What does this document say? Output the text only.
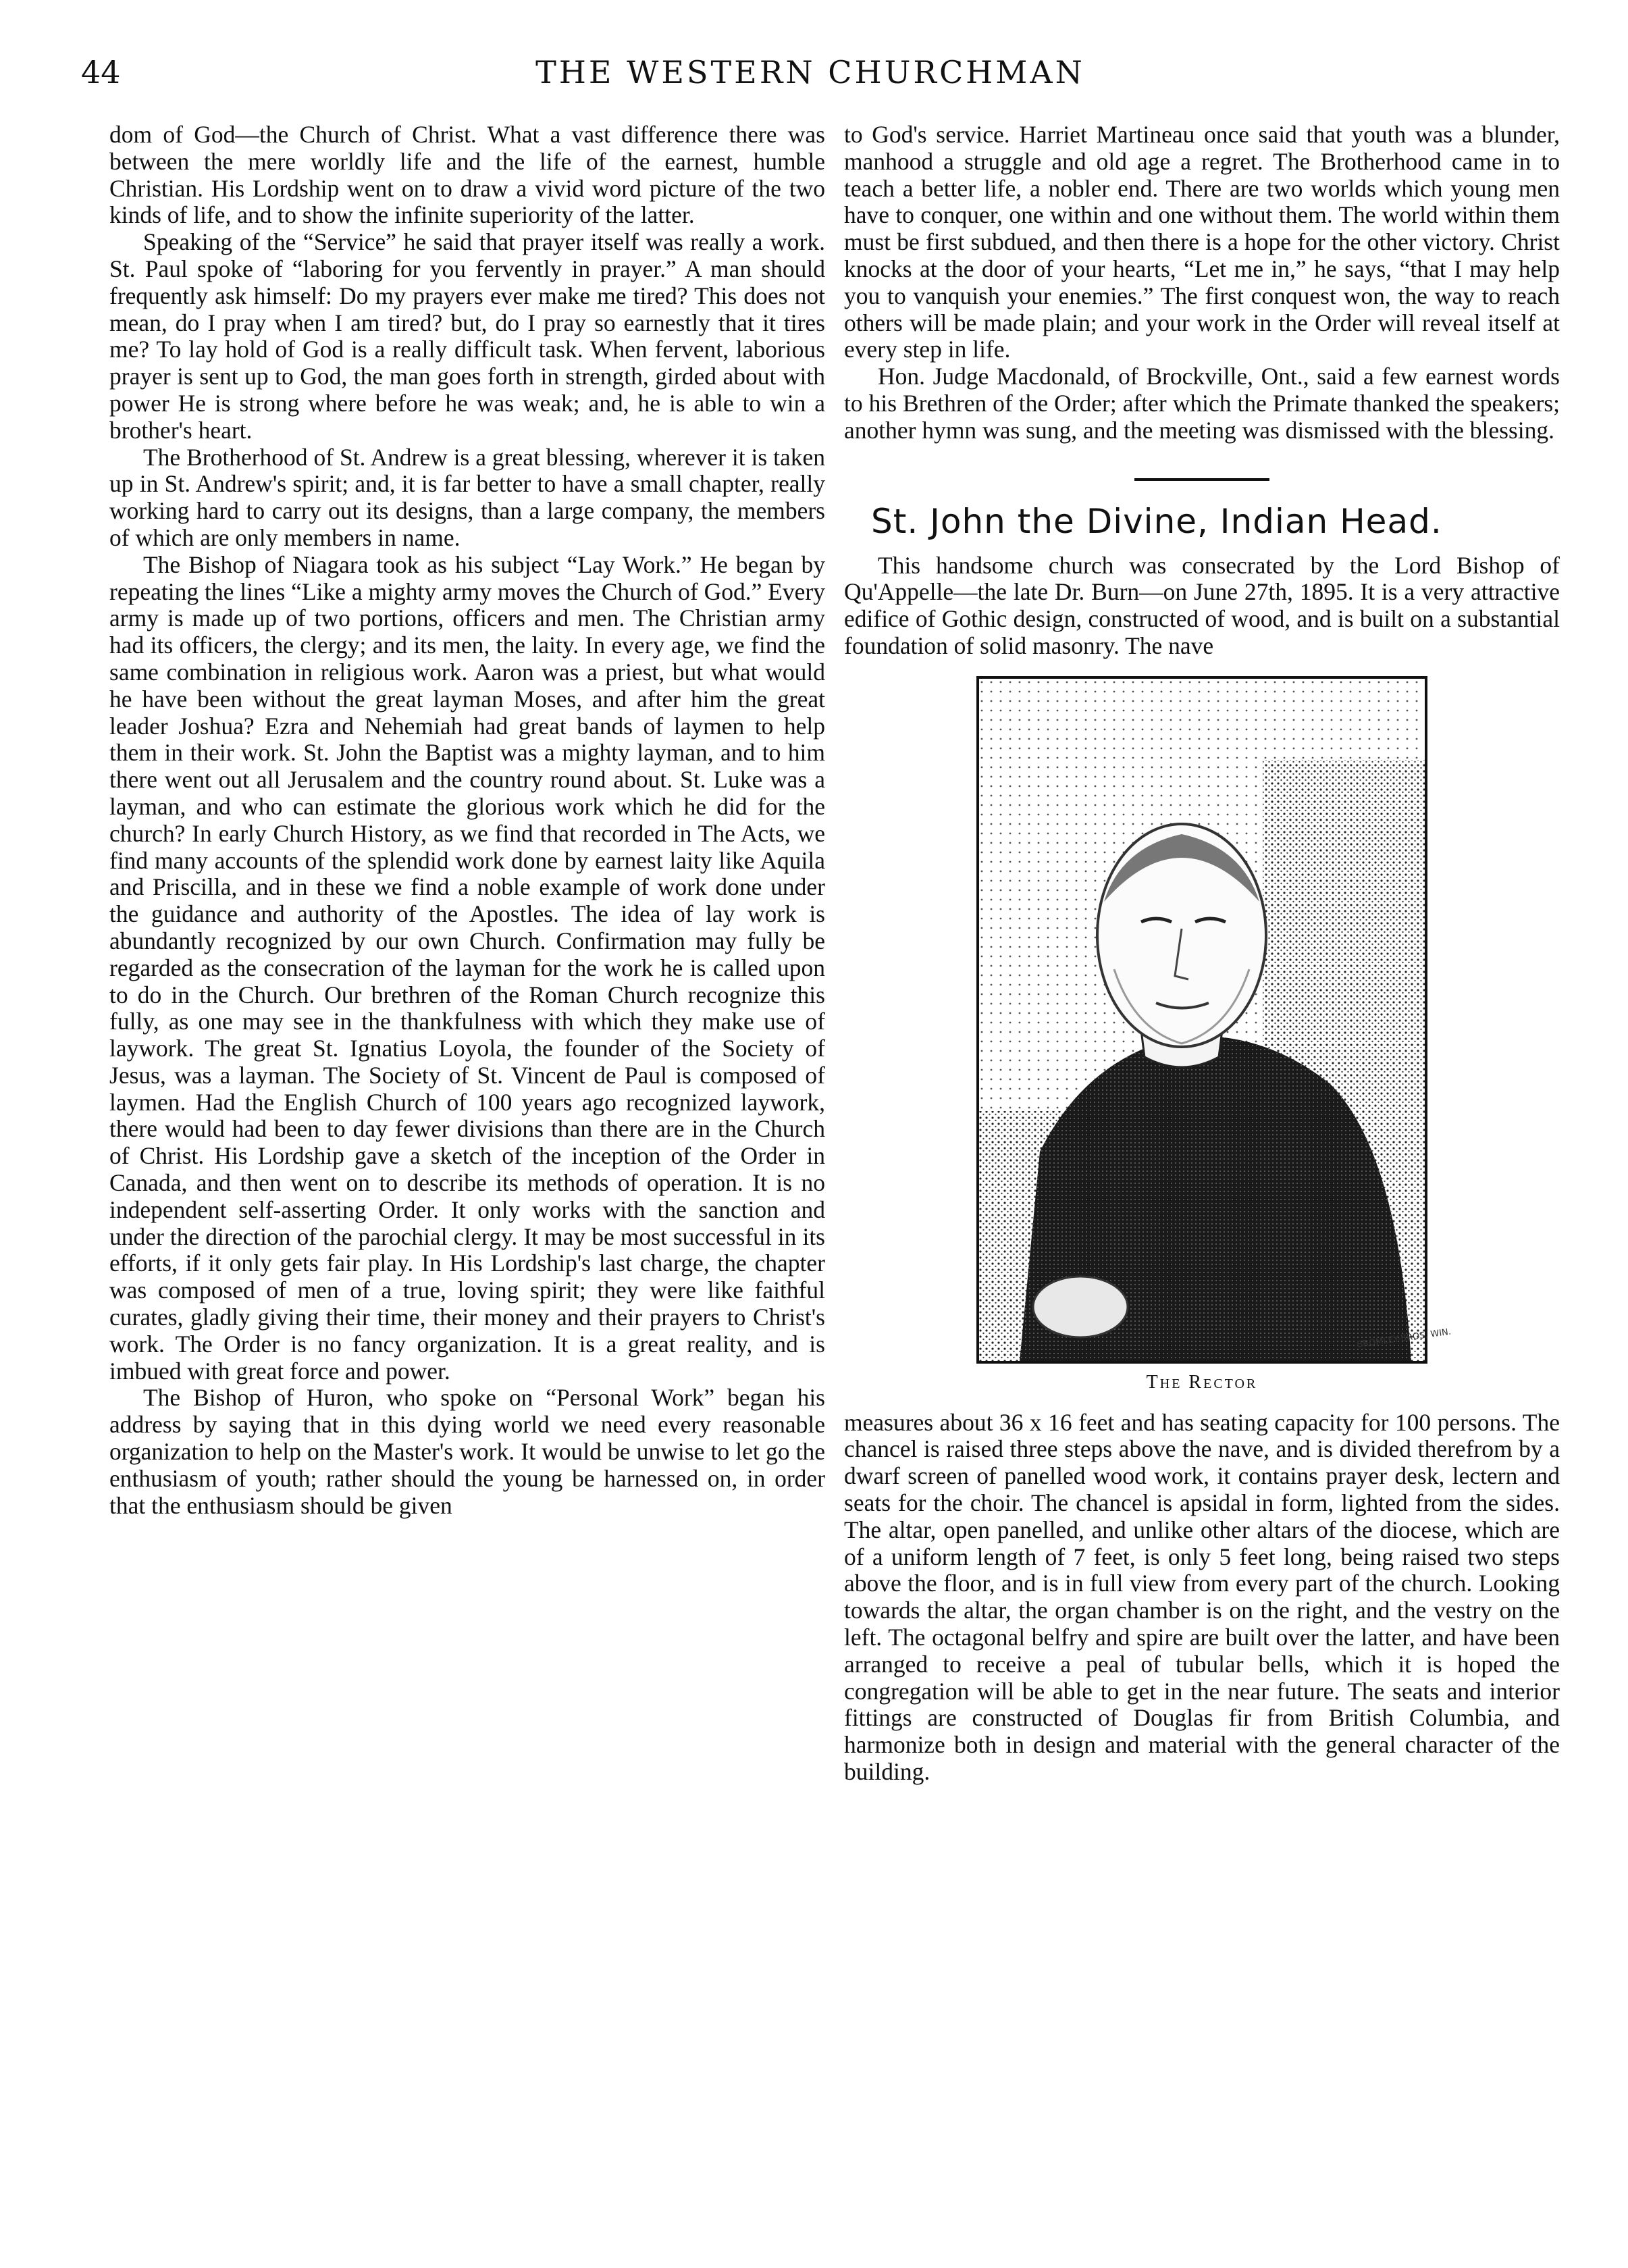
44	THE WESTERN CHURCHMAN

dom of God—the Church of Christ. What a vast difference there was between the mere worldly life and the life of the earnest, humble Christian. His Lordship went on to draw a vivid word picture of the two kinds of life, and to show the infinite superiority of the latter.

Speaking of the “Service” he said that prayer itself was really a work. St. Paul spoke of “laboring for you fervently in prayer.” A man should frequently ask himself: Do my prayers ever make me tired? This does not mean, do I pray when I am tired? but, do I pray so earnestly that it tires me? To lay hold of God is a really difficult task. When fervent, laborious prayer is sent up to God, the man goes forth in strength, girded about with power He is strong where before he was weak; and, he is able to win a brother's heart.

The Brotherhood of St. Andrew is a great blessing, wherever it is taken up in St. Andrew's spirit; and, it is far better to have a small chapter, really working hard to carry out its designs, than a large company, the members of which are only members in name.

The Bishop of Niagara took as his subject “Lay Work.” He began by repeating the lines “Like a mighty army moves the Church of God.” Every army is made up of two portions, officers and men. The Christian army had its officers, the clergy; and its men, the laity. In every age, we find the same combination in religious work. Aaron was a priest, but what would he have been without the great layman Moses, and after him the great leader Joshua? Ezra and Nehemiah had great bands of laymen to help them in their work. St. John the Baptist was a mighty layman, and to him there went out all Jerusalem and the country round about. St. Luke was a layman, and who can estimate the glorious work which he did for the church? In early Church History, as we find that recorded in The Acts, we find many accounts of the splendid work done by earnest laity like Aquila and Priscilla, and in these we find a noble example of work done under the guidance and authority of the Apostles. The idea of lay work is abundantly recognized by our own Church. Confirmation may fully be regarded as the consecration of the layman for the work he is called upon to do in the Church. Our brethren of the Roman Church recognize this fully, as one may see in the thankfulness with which they make use of laywork. The great St. Ignatius Loyola, the founder of the Society of Jesus, was a layman. The Society of St. Vincent de Paul is composed of laymen. Had the English Church of 100 years ago recognized laywork, there would had been to day fewer divisions than there are in the Church of Christ. His Lordship gave a sketch of the inception of the Order in Canada, and then went on to describe its methods of operation. It is no independent self-asserting Order. It only works with the sanction and under the direction of the parochial clergy. It may be most successful in its efforts, if it only gets fair play. In His Lordship's last charge, the chapter was composed of men of a true, loving spirit; they were like faithful curates, gladly giving their time, their money and their prayers to Christ's work. The Order is no fancy organization. It is a great reality, and is imbued with great force and power.

The Bishop of Huron, who spoke on “Personal Work” began his address by saying that in this dying world we need every reasonable organization to help on the Master's work. It would be unwise to let go the enthusiasm of youth; rather should the young be harnessed on, in order that the enthusiasm should be given

to God's service. Harriet Martineau once said that youth was a blunder, manhood a struggle and old age a regret. The Brotherhood came in to teach a better life, a nobler end. There are two worlds which young men have to conquer, one within and one without them. The world within them must be first subdued, and then there is a hope for the other victory. Christ knocks at the door of your hearts, “Let me in,” he says, “that I may help you to vanquish your enemies.” The first conquest won, the way to reach others will be made plain; and your work in the Order will reveal itself at every step in life.

Hon. Judge Macdonald, of Brockville, Ont., said a few earnest words to his Brethren of the Order; after which the Primate thanked the speakers; another hymn was sung, and the meeting was dismissed with the blessing.

St. John the Divine, Indian Head.

This handsome church was consecrated by the Lord Bishop of Qu'Appelle—the late Dr. Burn—on June 27th, 1895. It is a very attractive edifice of Gothic design, constructed of wood, and is built on a substantial foundation of solid masonry. The nave

BROMLEY-BROS. WIN.
The Rector

measures about 36 x 16 feet and has seating capacity for 100 persons. The chancel is raised three steps above the nave, and is divided therefrom by a dwarf screen of panelled wood work, it contains prayer desk, lectern and seats for the choir. The chancel is apsidal in form, lighted from the sides. The altar, open panelled, and unlike other altars of the diocese, which are of a uniform length of 7 feet, is only 5 feet long, being raised two steps above the floor, and is in full view from every part of the church. Looking towards the altar, the organ chamber is on the right, and the vestry on the left. The octagonal belfry and spire are built over the latter, and have been arranged to receive a peal of tubular bells, which it is hoped the congregation will be able to get in the near future. The seats and interior fittings are constructed of Douglas fir from British Columbia, and harmonize both in design and material with the general character of the building.
